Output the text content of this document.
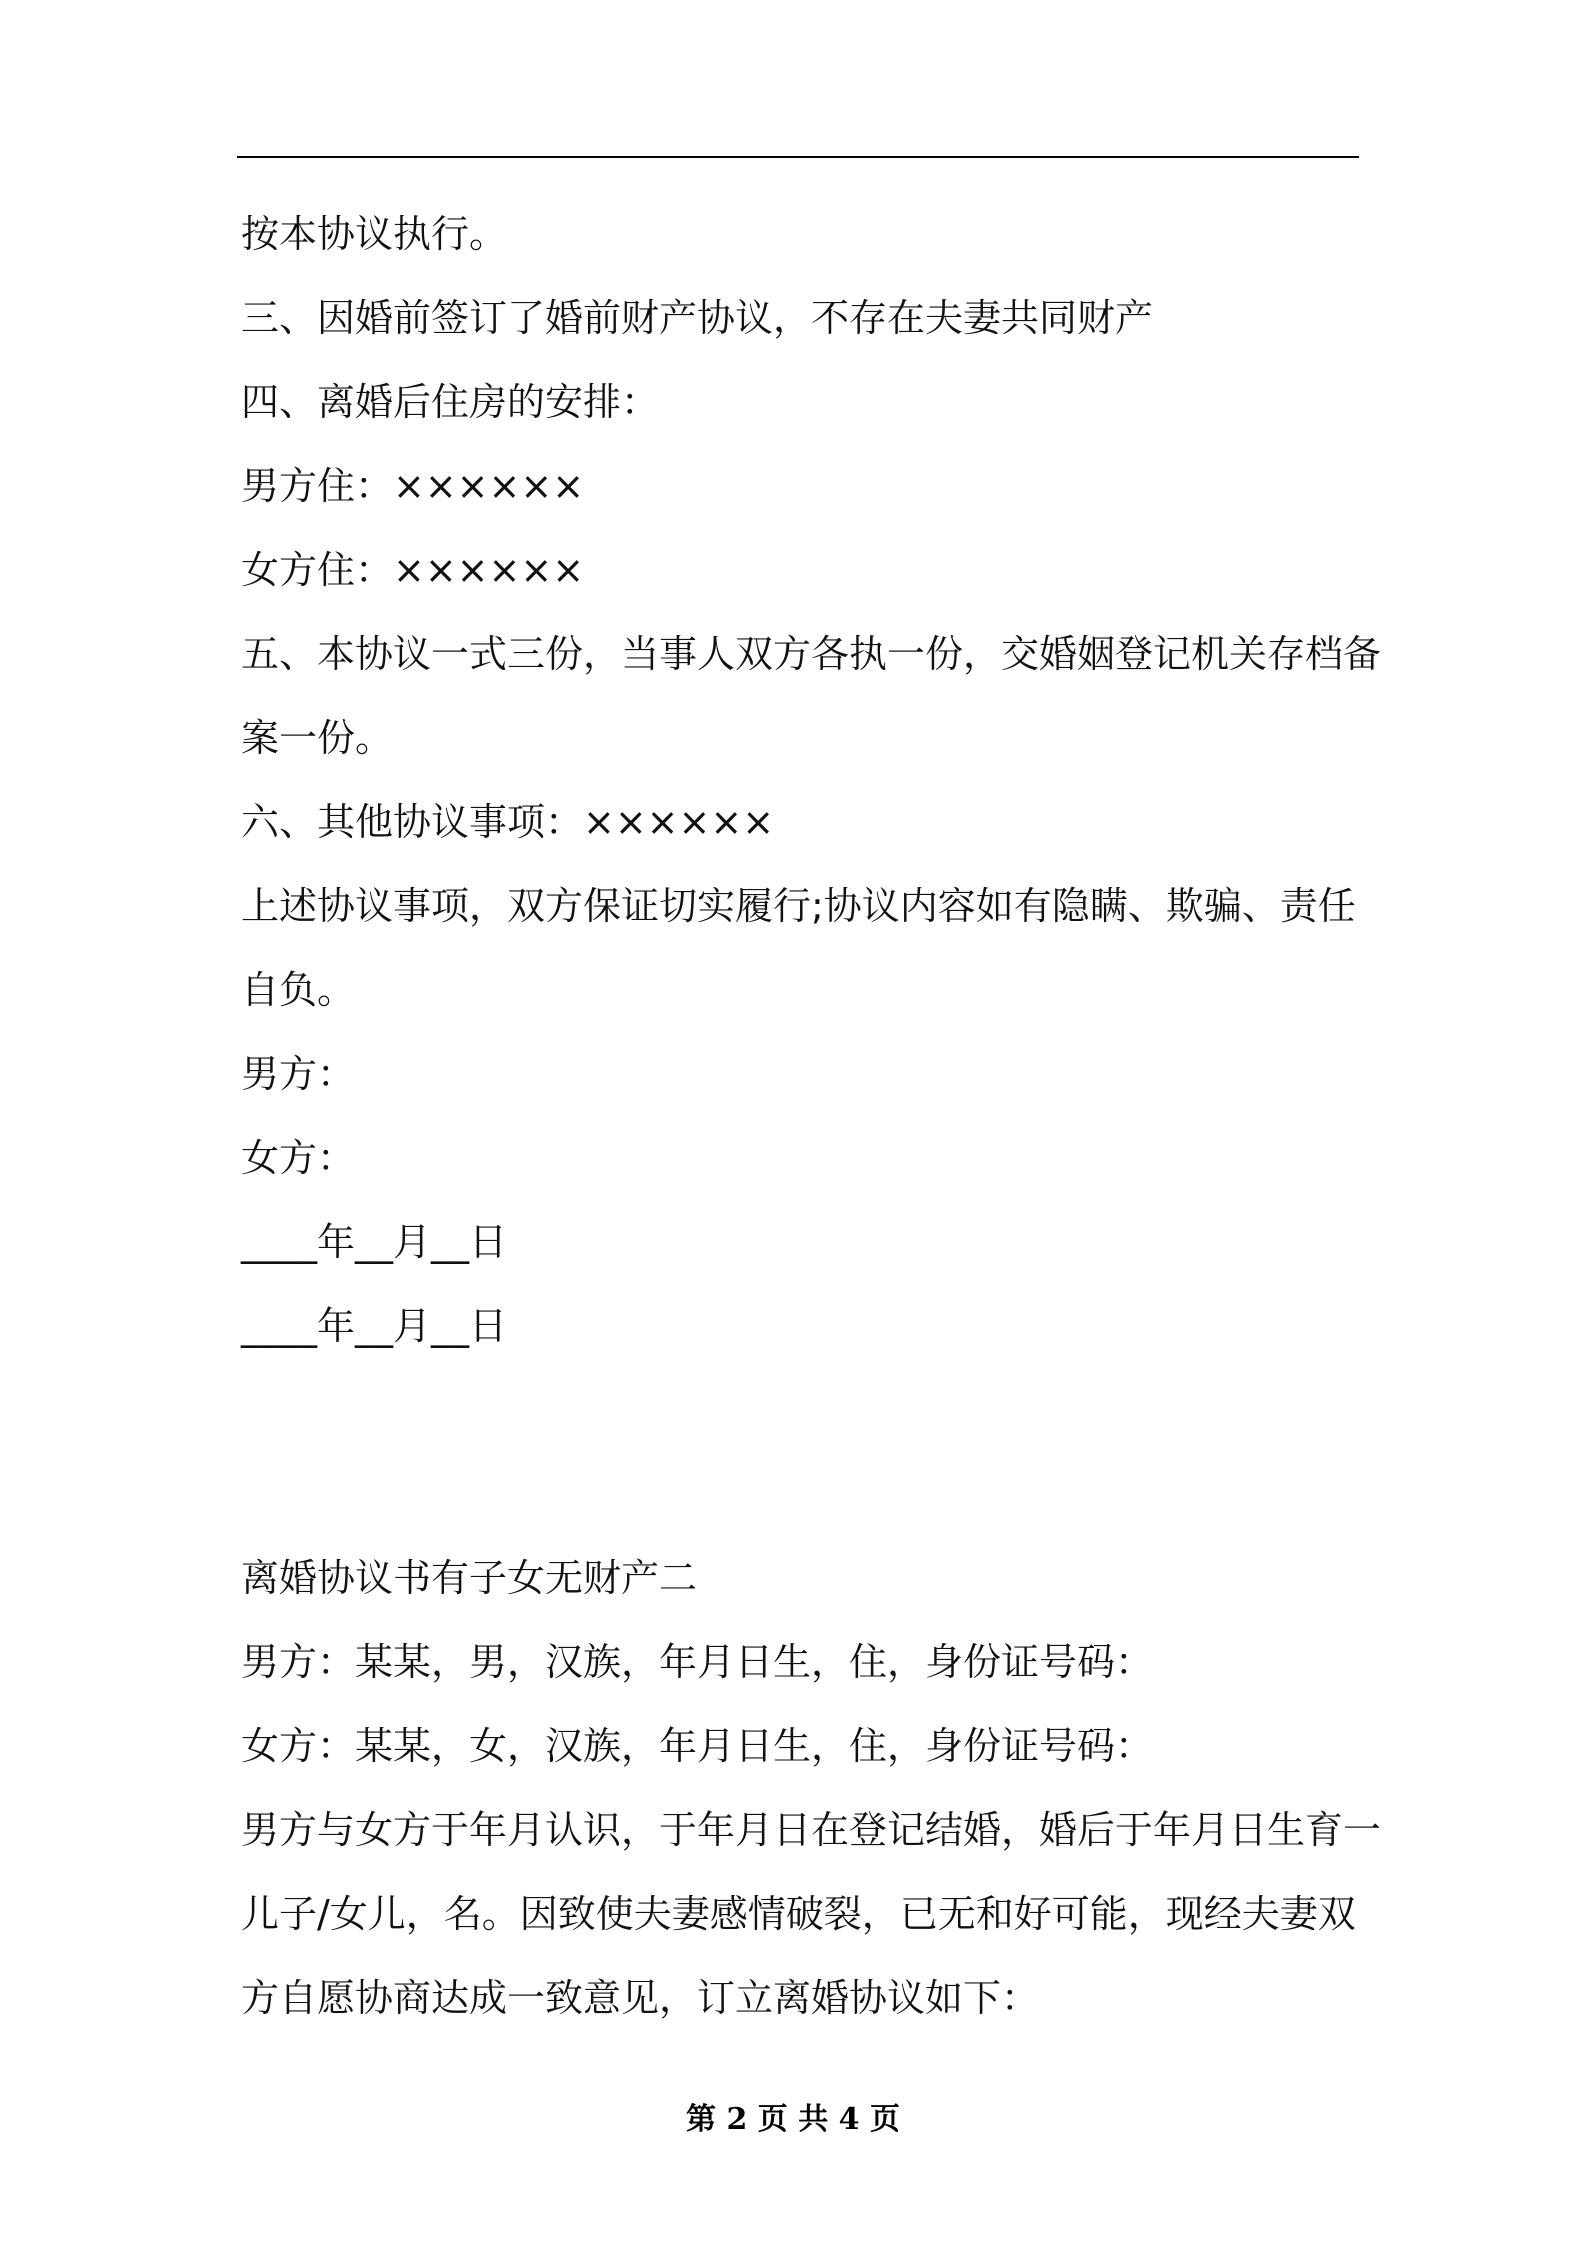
按本协议执行。
三、因婚前签订了婚前财产协议，不存在夫妻共同财产
四、离婚后住房的安排：
男方住：××××××
女方住：××××××
五、本协议一式三份，当事人双方各执一份，交婚姻登记机关存档备
案一份。
六、其他协议事项：××××××
上述协议事项，双方保证切实履行;协议内容如有隐瞒、欺骗、责任
自负。
男方：
女方：
____年__月__日
____年__月__日
离婚协议书有子女无财产二
男方：某某，男，汉族，年月日生，住，身份证号码：
女方：某某，女，汉族，年月日生，住，身份证号码：
男方与女方于年月认识，于年月日在登记结婚，婚后于年月日生育一
儿子/女儿，名。因致使夫妻感情破裂，已无和好可能，现经夫妻双
方自愿协商达成一致意见，订立离婚协议如下：
第 2 页 共 4 页
